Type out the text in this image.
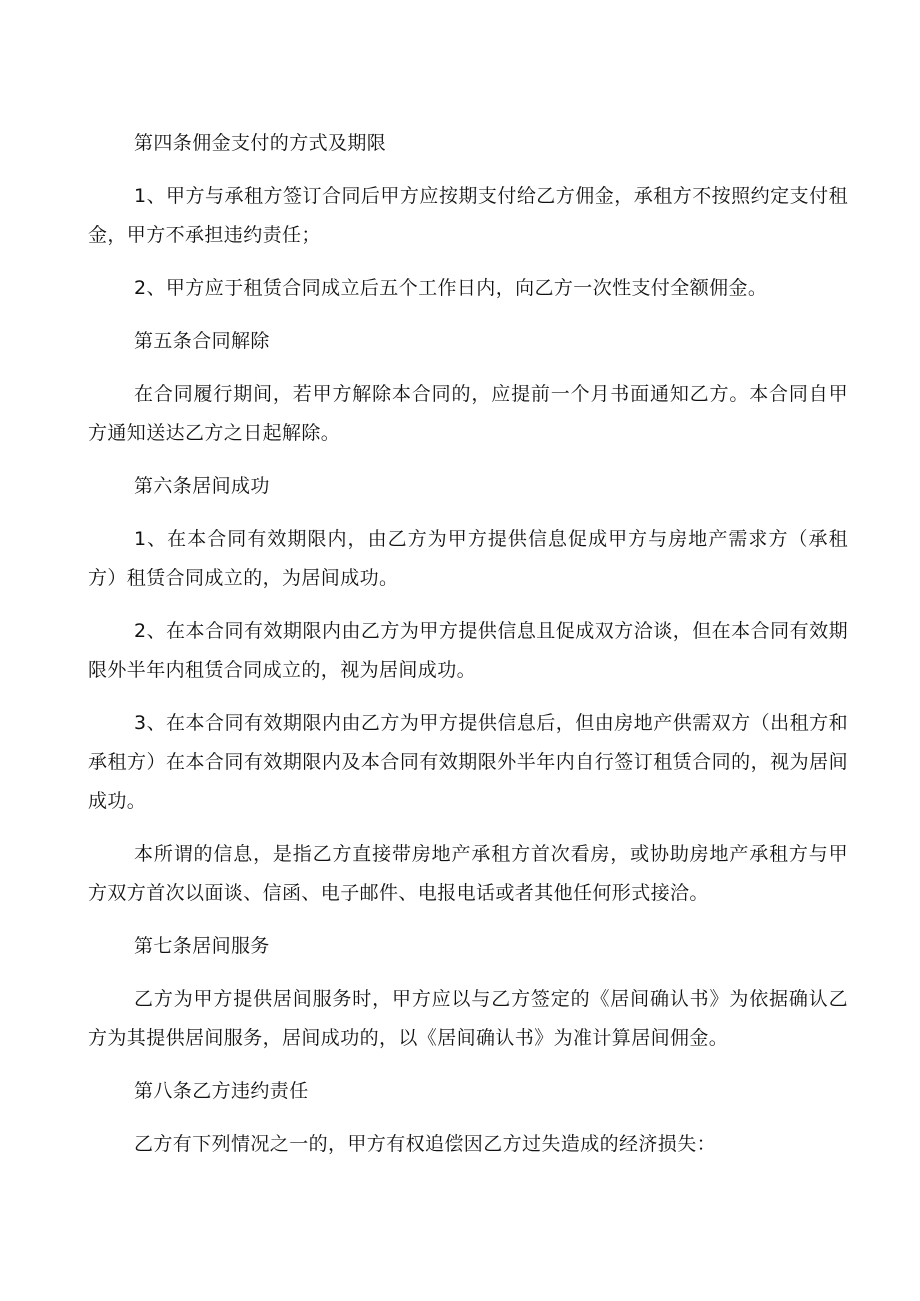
第四条佣金支付的方式及期限

1、甲方与承租方签订合同后甲方应按期支付给乙方佣金，承租方不按照约定支付租金，甲方不承担违约责任；

2、甲方应于租赁合同成立后五个工作日内，向乙方一次性支付全额佣金。

第五条合同解除

在合同履行期间，若甲方解除本合同的，应提前一个月书面通知乙方。本合同自甲方通知送达乙方之日起解除。

第六条居间成功

1、在本合同有效期限内，由乙方为甲方提供信息促成甲方与房地产需求方（承租方）租赁合同成立的，为居间成功。

2、在本合同有效期限内由乙方为甲方提供信息且促成双方洽谈，但在本合同有效期限外半年内租赁合同成立的，视为居间成功。

3、在本合同有效期限内由乙方为甲方提供信息后，但由房地产供需双方（出租方和承租方）在本合同有效期限内及本合同有效期限外半年内自行签订租赁合同的，视为居间成功。

本所谓的信息，是指乙方直接带房地产承租方首次看房，或协助房地产承租方与甲方双方首次以面谈、信函、电子邮件、电报电话或者其他任何形式接洽。

第七条居间服务

乙方为甲方提供居间服务时，甲方应以与乙方签定的《居间确认书》为依据确认乙方为其提供居间服务，居间成功的，以《居间确认书》为准计算居间佣金。

第八条乙方违约责任

乙方有下列情况之一的，甲方有权追偿因乙方过失造成的经济损失：
